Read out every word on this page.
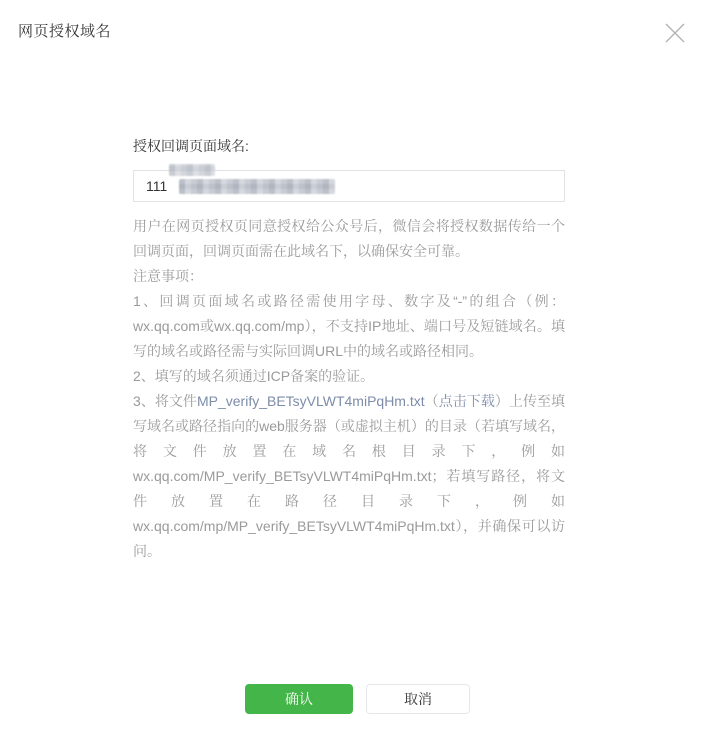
网页授权域名
授权回调页面域名:
111

用户在网页授权页同意授权给公众号后，微信会将授权数据传给一个回调页面，回调页面需在此域名下，以确保安全可靠。

注意事项：

1、回调页面域名或路径需使用字母、数字及“-”的组合（例：wx.qq.com或wx.qq.com/mp），不支持IP地址、端口号及短链域名。填写的域名或路径需与实际回调URL中的域名或路径相同。

2、填写的域名须通过ICP备案的验证。

3、将文件MP_verify_BETsyVLWT4miPqHm.txt（点击下载）上传至填写域名或路径指向的web服务器（或虚拟主机）的目录（若填写域名，将文件放置在域名根目录下，例如wx.qq.com/MP_verify_BETsyVLWT4miPqHm.txt；若填写路径，将文件放置在路径目录下，例如wx.qq.com/mp/MP_verify_BETsyVLWT4miPqHm.txt），并确保可以访问。

确认	取消
